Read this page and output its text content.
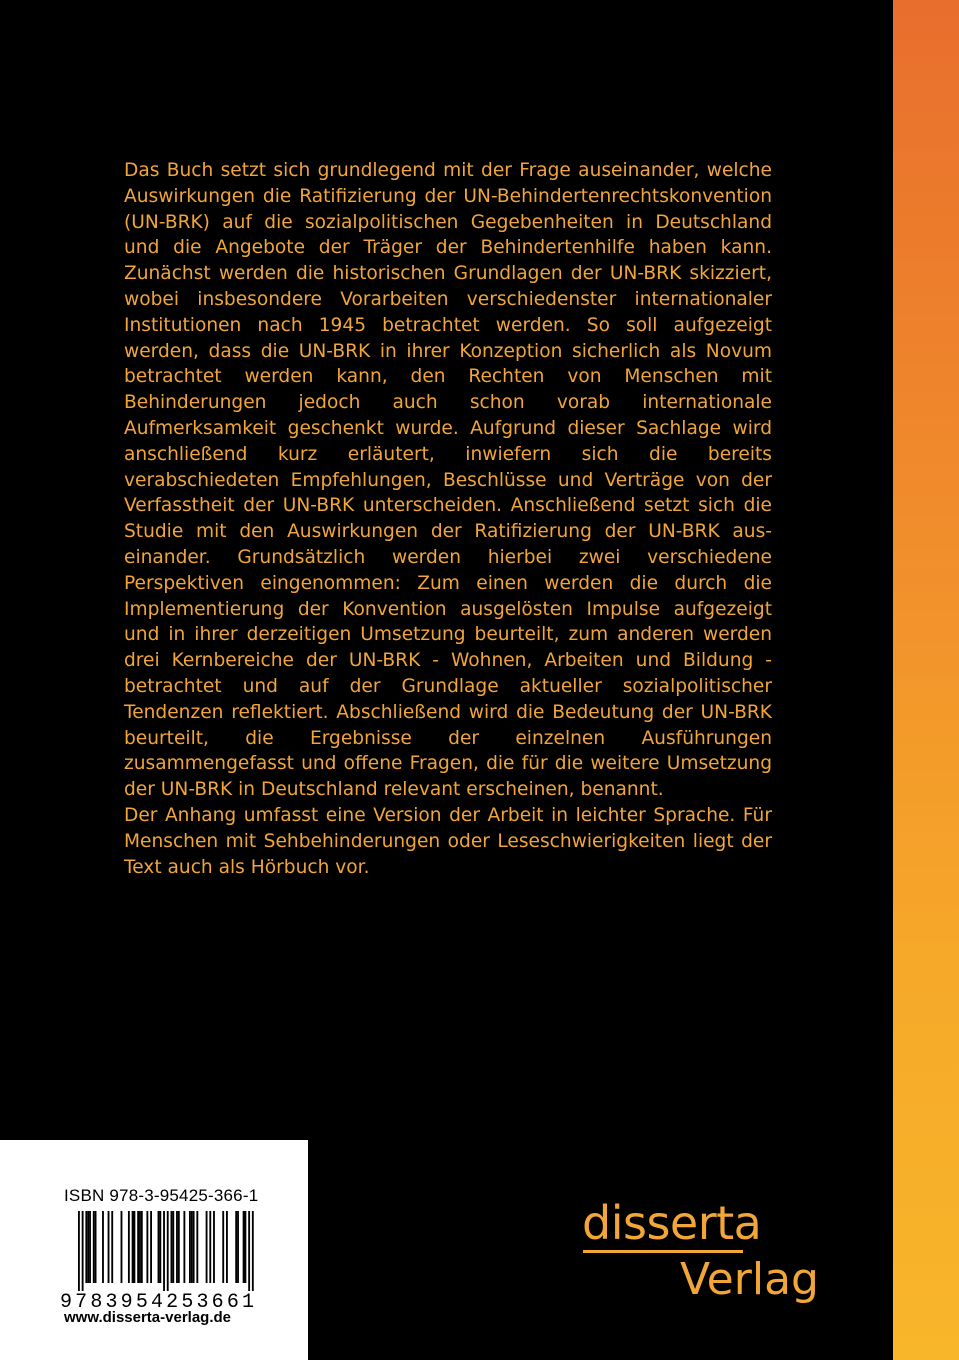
Das Buch setzt sich grundlegend mit der Frage auseinander, welche Auswirkungen die Ratifizierung der UN-Behindertenrechtskonvention (UN-BRK) auf die sozialpolitischen Gegebenheiten in Deutschland und die Angebote der Träger der Behindertenhilfe haben kann. Zunächst werden die historischen Grundlagen der UN-BRK skizziert, wobei insbesondere Vorarbeiten verschiedenster internationaler Institutionen nach 1945 betrachtet werden. So soll aufgezeigt werden, dass die UN-BRK in ihrer Konzeption sicherlich als Novum betrachtet werden kann, den Rechten von Menschen mit Behinderungen jedoch auch schon vorab internationale Aufmerksamkeit geschenkt wurde. Aufgrund dieser Sachlage wird anschließend kurz erläutert, inwiefern sich die bereits verabschiedeten Empfehlungen, Beschlüsse und Verträge von der Verfasstheit der UN-BRK unterscheiden. Anschließend setzt sich die Studie mit den Auswirkungen der Ratifizierung der UN-BRK auseinander. Grundsätzlich werden hierbei zwei verschiedene Perspektiven eingenommen: Zum einen werden die durch die Implementierung der Konvention ausgelösten Impulse aufgezeigt und in ihrer derzeitigen Umsetzung beurteilt, zum anderen werden drei Kernbereiche der UN-BRK - Wohnen, Arbeiten und Bildung - betrachtet und auf der Grundlage aktueller sozialpolitischer Tendenzen reflektiert. Abschließend wird die Bedeutung der UN-BRK beurteilt, die Ergebnisse der einzelnen Ausführungen zusammengefasst und offene Fragen, die für die weitere Umsetzung der UN-BRK in Deutschland relevant erscheinen, benannt.

Der Anhang umfasst eine Version der Arbeit in leichter Sprache. Für Menschen mit Sehbehinderungen oder Leseschwierigkeiten liegt der Text auch als Hörbuch vor.

ISBN 978-3-95425-366-1
9783954253661
www.disserta-verlag.de
disserta
Verlag
